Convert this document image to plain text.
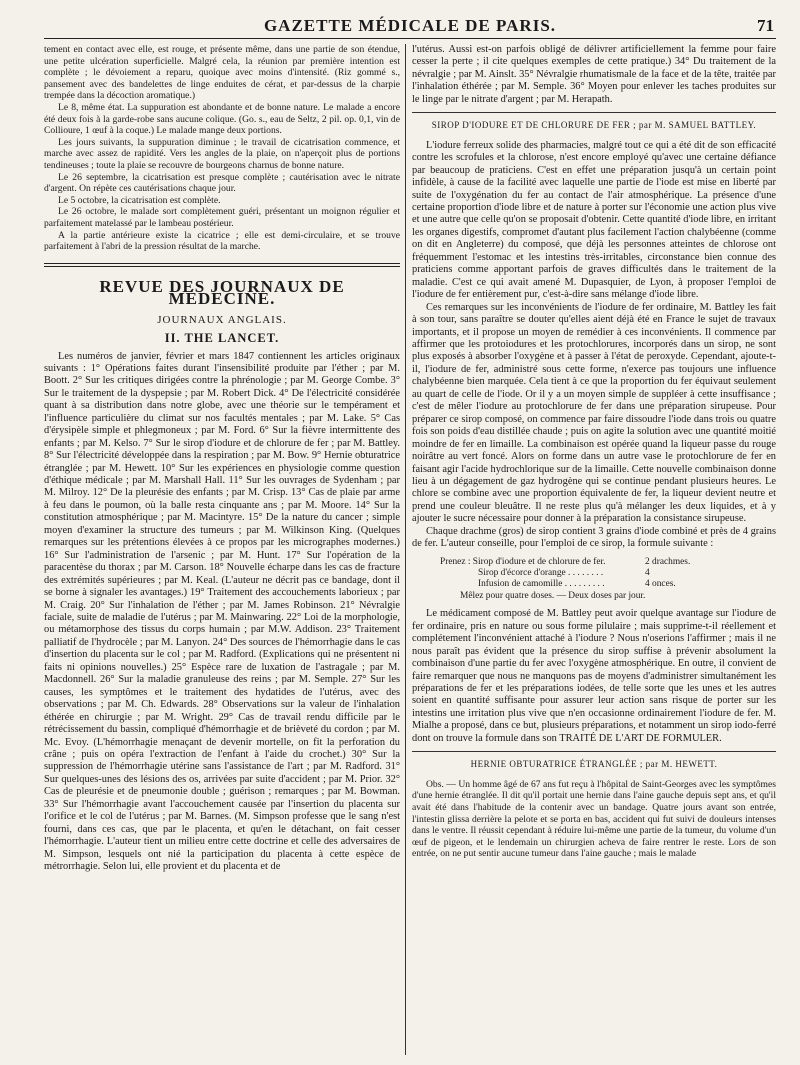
GAZETTE MÉDICALE DE PARIS.	71

tement en contact avec elle, est rouge, et présente même, dans une partie de son étendue, une petite ulcération superficielle. Malgré cela, la réunion par première intention est complète ; le dévoiement a reparu, quoique avec moins d'intensité. (Riz gommé s., pansement avec des bandelettes de linge enduites de cérat, et par-dessus de la charpie trempée dans la décoction aromatique.)

Le 8, même état. La suppuration est abondante et de bonne nature. Le malade a encore été deux fois à la garde-robe sans aucune colique. (Go. s., eau de Seltz, 2 pil. op. 0,1, vin de Collioure, 1 œuf à la coque.) Le malade mange deux portions.

Les jours suivants, la suppuration diminue ; le travail de cicatrisation commence, et marche avec assez de rapidité. Vers les angles de la plaie, on n'aperçoit plus de portions tendineuses ; toute la plaie se recouvre de bourgeons charnus de bonne nature.

Le 26 septembre, la cicatrisation est presque complète ; cautérisation avec le nitrate d'argent. On répète ces cautérisations chaque jour.

Le 5 octobre, la cicatrisation est complète.

Le 26 octobre, le malade sort complètement guéri, présentant un moignon régulier et parfaitement matelassé par le lambeau postérieur.

A la partie antérieure existe la cicatrice ; elle est demi-circulaire, et se trouve parfaitement à l'abri de la pression résultat de la marche.

REVUE DES JOURNAUX DE MÉDECINE.
JOURNAUX ANGLAIS.
II. THE LANCET.

Les numéros de janvier, février et mars 1847 contiennent les articles originaux suivants : 1° Opérations faites durant l'insensibilité produite par l'éther ; par M. Boott. 2° Sur les critiques dirigées contre la phrénologie ; par M. George Combe. 3° Sur le traitement de la dyspepsie ; par M. Robert Dick. 4° De l'électricité considérée quant à sa distribution dans notre globe, avec une théorie sur le tempérament et l'influence particulière du climat sur nos facultés mentales ; par M. Lake. 5° Cas d'érysipèle simple et phlegmoneux ; par M. Ford. 6° Sur la fièvre intermittente des enfants ; par M. Kelso. 7° Sur le sirop d'iodure et de chlorure de fer ; par M. Battley. 8° Sur l'électricité développée dans la respiration ; par M. Bow. 9° Hernie obturatrice étranglée ; par M. Hewett. 10° Sur les expériences en physiologie comme question d'éthique médicale ; par M. Marshall Hall. 11° Sur les ouvrages de Sydenham ; par M. Milroy. 12° De la pleurésie des enfants ; par M. Crisp. 13° Cas de plaie par arme à feu dans le poumon, où la balle resta cinquante ans ; par M. Moore. 14° Sur la constitution atmosphérique ; par M. Macintyre. 15° De la nature du cancer ; simple moyen d'examiner la structure des tumeurs ; par M. Wilkinson King. (Quelques remarques sur les prétentions élevées à ce propos par les micrographes modernes.) 16° Sur l'administration de l'arsenic ; par M. Hunt. 17° Sur l'opération de la paracentèse du thorax ; par M. Carson. 18° Nouvelle écharpe dans les cas de fracture des extrémités supérieures ; par M. Keal. (L'auteur ne décrit pas ce bandage, dont il se borne à signaler les avantages.) 19° Traitement des accouchements laborieux ; par M. Craig. 20° Sur l'inhalation de l'éther ; par M. James Robinson. 21° Névralgie faciale, suite de maladie de l'utérus ; par M. Mainwaring. 22° Loi de la morphologie, ou métamorphose des tissus du corps humain ; par M.W. Addison. 23° Traitement palliatif de l'hydrocèle ; par M. Lanyon. 24° Des sources de l'hémorrhagie dans le cas d'insertion du placenta sur le col ; par M. Radford. (Explications qui ne présentent ni faits ni opinions nouvelles.) 25° Espèce rare de luxation de l'astragale ; par M. Macdonnell. 26° Sur la maladie granuleuse des reins ; par M. Semple. 27° Sur les causes, les symptômes et le traitement des hydatides de l'utérus, avec des observations ; par M. Ch. Edwards. 28° Observations sur la valeur de l'inhalation éthérée en chirurgie ; par M. Wright. 29° Cas de travail rendu difficile par le rétrécissement du bassin, compliqué d'hémorrhagie et de brièveté du cordon ; par M. Mc. Evoy. (L'hémorrhagie menaçant de devenir mortelle, on fit la perforation du crâne ; puis on opéra l'extraction de l'enfant à l'aide du crochet.) 30° Sur la suppression de l'hémorrhagie utérine sans l'assistance de l'art ; par M. Radford. 31° Sur quelques-unes des lésions des os, arrivées par suite d'accident ; par M. Prior. 32° Cas de pleurésie et de pneumonie double ; guérison ; remarques ; par M. Bowman. 33° Sur l'hémorrhagie avant l'accouchement causée par l'insertion du placenta sur l'orifice et le col de l'utérus ; par M. Barnes. (M. Simpson professe que le sang n'est fourni, dans ces cas, que par le placenta, et qu'en le détachant, on fait cesser l'hémorrhagie. L'auteur tient un milieu entre cette doctrine et celle des adversaires de M. Simpson, lesquels ont nié la participation du placenta à cette espèce de métrorrhagie. Selon lui, elle provient et du placenta et de

l'utérus. Aussi est-on parfois obligé de délivrer artificiellement la femme pour faire cesser la perte ; il cite quelques exemples de cette pratique.) 34° Du traitement de la névralgie ; par M. Ainslt. 35° Névralgie rhumatismale de la face et de la tête, traitée par l'inhalation éthérée ; par M. Semple. 36° Moyen pour enlever les taches produites sur le linge par le nitrate d'argent ; par M. Herapath.

SIROP D'IODURE ET DE CHLORURE DE FER ; par M. SAMUEL BATTLEY.

L'iodure ferreux solide des pharmacies, malgré tout ce qui a été dit de son efficacité contre les scrofules et la chlorose, n'est encore employé qu'avec une certaine défiance par beaucoup de praticiens. C'est en effet une préparation jusqu'à un certain point infidèle, à cause de la facilité avec laquelle une partie de l'iode est mise en liberté par suite de l'oxygénation du fer au contact de l'air atmosphérique. La présence d'une certaine proportion d'iode libre et de nature à porter sur l'économie une action plus vive et une autre que celle qu'on se proposait d'obtenir. Cette quantité d'iode libre, en irritant les organes digestifs, compromet d'autant plus facilement l'action chalybéenne (comme on dit en Angleterre) du composé, que déjà les personnes atteintes de chlorose ont fréquemment l'estomac et les intestins très-irritables, circonstance bien connue des praticiens comme apportant parfois de graves difficultés dans le traitement de la maladie. C'est ce qui avait amené M. Dupasquier, de Lyon, à proposer l'emploi de l'iodure de fer entièrement pur, c'est-à-dire sans mélange d'iode libre.

Ces remarques sur les inconvénients de l'iodure de fer ordinaire, M. Battley les fait à son tour, sans paraître se douter qu'elles aient déjà été en France le sujet de travaux importants, et il propose un moyen de remédier à ces inconvénients. Il commence par affirmer que les protoiodures et les protochlorures, incorporés dans un sirop, ne sont plus exposés à absorber l'oxygène et à passer à l'état de peroxyde. Cependant, ajoute-t-il, l'iodure de fer, administré sous cette forme, n'exerce pas toujours une influence chalybéenne bien marquée. Cela tient à ce que la proportion du fer équivaut seulement au quart de celle de l'iode. Or il y a un moyen simple de suppléer à cette insuffisance ; c'est de mêler l'iodure au protochlorure de fer dans une préparation sirupeuse. Pour préparer ce sirop composé, on commence par faire dissoudre l'iode dans trois ou quatre fois son poids d'eau distillée chaude ; puis on agite la solution avec une quantité moitié moindre de fer en limaille. La combinaison est opérée quand la liqueur passe du rouge noirâtre au vert foncé. Alors on forme dans un autre vase le protochlorure de fer en faisant agir l'acide hydrochlorique sur de la limaille. Cette nouvelle combinaison donne lieu à un dégagement de gaz hydrogène qui se continue pendant plusieurs heures. Le chlore se combine avec une proportion équivalente de fer, la liqueur devient neutre et prend une couleur bleuâtre. Il ne reste plus qu'à mélanger les deux liquides, et à y ajouter le sucre nécessaire pour donner à la préparation la consistance sirupeuse.

Chaque drachme (gros) de sirop contient 3 grains d'iode combiné et près de 4 grains de fer. L'auteur conseille, pour l'emploi de ce sirop, la formule suivante :

Prenez : Sirop d'iodure et de chlorure de fer.	2 drachmes.
Sirop d'écorce d'orange . . . . . . . .	4
Infusion de camomille . . . . . . . . .	4 onces.
Mêlez pour quatre doses. — Deux doses par jour.

Le médicament composé de M. Battley peut avoir quelque avantage sur l'iodure de fer ordinaire, pris en nature ou sous forme pilulaire ; mais supprime-t-il réellement et complétement l'inconvénient attaché à l'iodure ? Nous n'oserions l'affirmer ; mais il ne nous paraît pas évident que la présence du sirop suffise à prévenir absolument la combinaison d'une partie du fer avec l'oxygène atmosphérique. En outre, il convient de faire remarquer que nous ne manquons pas de moyens d'administrer simultanément les préparations de fer et les préparations iodées, de telle sorte que les unes et les autres soient en quantité suffisante pour assurer leur action sans risque de porter sur les intestins une irritation plus vive que n'en occasionne ordinairement l'iodure de fer. M. Mialhe a proposé, dans ce but, plusieurs préparations, et notamment un sirop iodo-ferré dont on trouve la formule dans son TRAITÉ DE L'ART DE FORMULER.

HERNIE OBTURATRICE ÉTRANGLÉE ; par M. HEWETT.

Obs. — Un homme âgé de 67 ans fut reçu à l'hôpital de Saint-Georges avec les symptômes d'une hernie étranglée. Il dit qu'il portait une hernie dans l'aine gauche depuis sept ans, et qu'il avait été dans l'habitude de la contenir avec un bandage. Quatre jours avant son entrée, l'intestin glissa derrière la pelote et se porta en bas, accident qui fut suivi de douleurs intenses dans le ventre. Il réussit cependant à réduire lui-même une partie de la tumeur, du volume d'un œuf de pigeon, et le lendemain un chirurgien acheva de faire rentrer le reste. Lors de son entrée, on ne put sentir aucune tumeur dans l'aine gauche ; mais le malade
